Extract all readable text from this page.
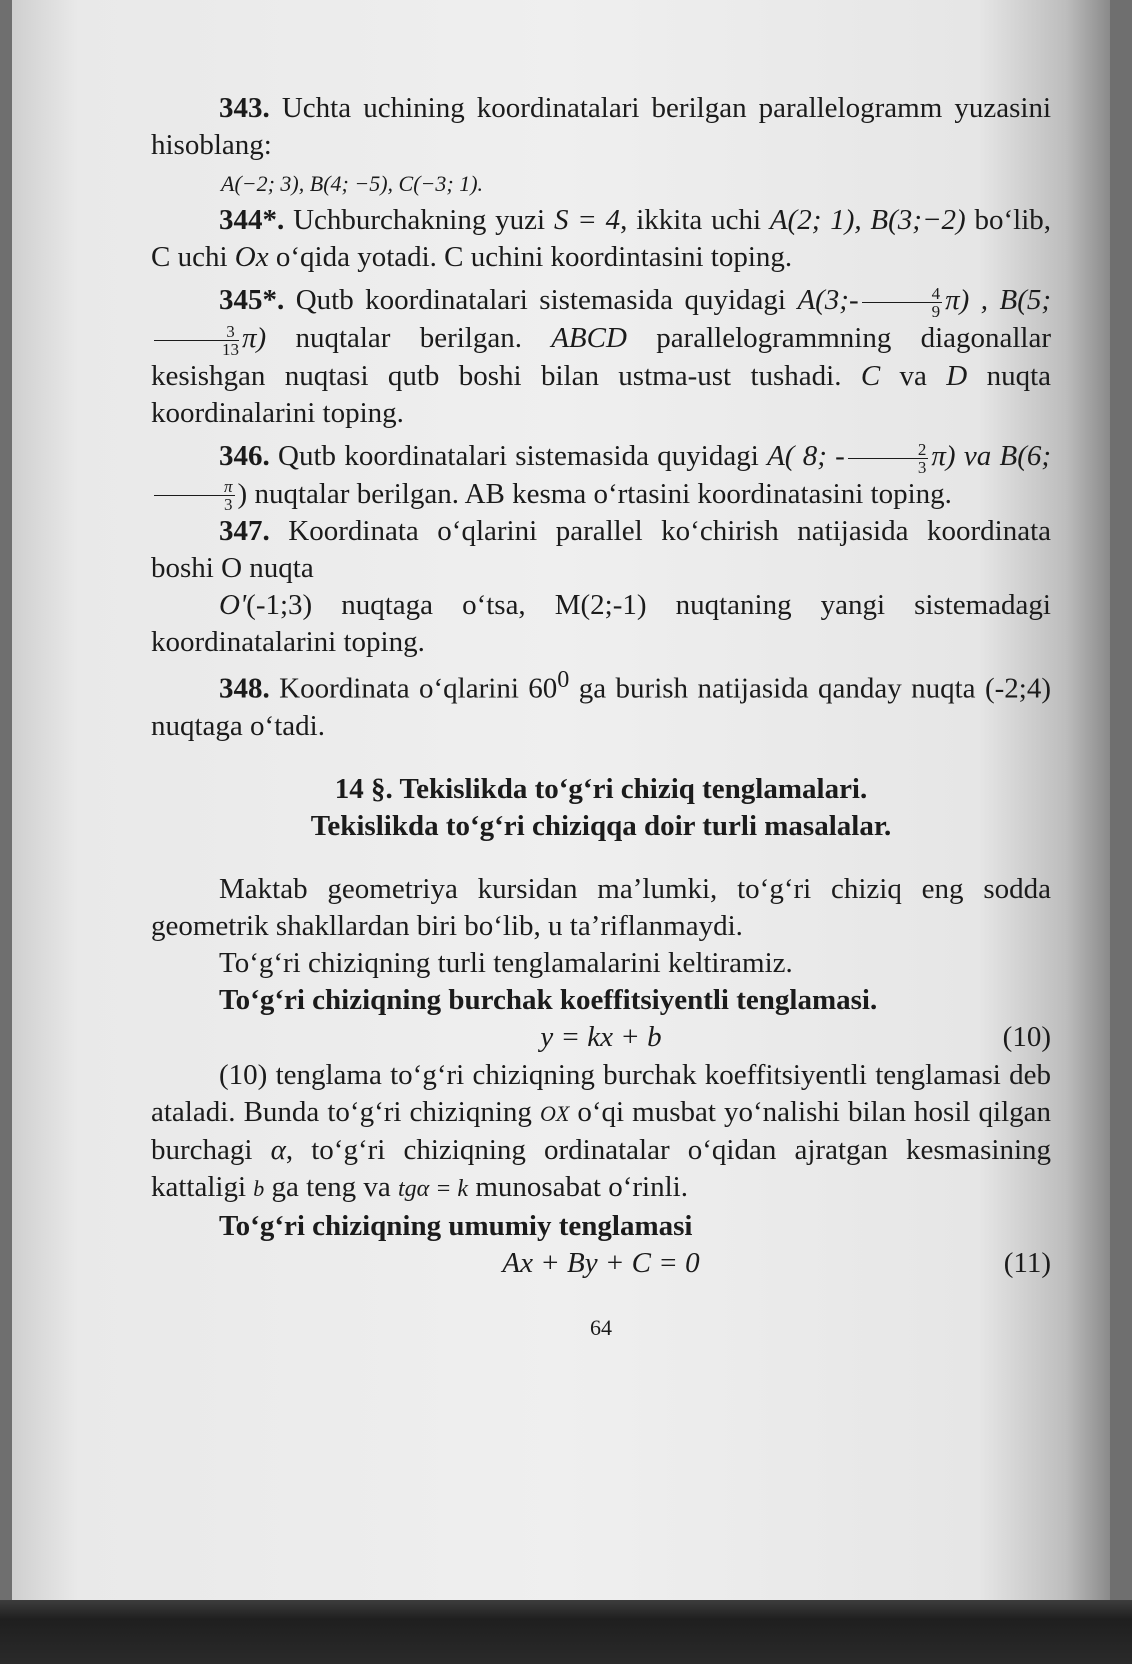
343. Uchta uchining koordinatalari berilgan parallelogramm yuzasini hisoblang:

A(−2; 3), B(4; −5), C(−3; 1).

344*. Uchburchakning yuzi S = 4, ikkita uchi A(2; 1), B(3;−2) bo‘lib, C uchi Ox o‘qida yotadi. C uchini koordintasini toping.

345*. Qutb koordinatalari sistemasida quyidagi A(3;- $\frac{4}{9} \pi$) , B(5;
$\frac{3}{13} \pi$) nuqtalar berilgan. ABCD parallelogrammning diagonallar kesishgan nuqtasi qutb boshi bilan ustma-ust tushadi. C va D nuqta koordinalarini toping.

346. Qutb koordinatalari sistemasida quyidagi A( 8; - $\frac{2}{3} \pi$) va B(6;
$\frac{\pi}{3}$ ) nuqtalar berilgan. AB kesma o‘rtasini koordinatasini toping.

347. Koordinata o‘qlarini parallel ko‘chirish natijasida koordinata boshi O nuqta

O'(-1;3) nuqtaga o‘tsa, M(2;-1) nuqtaning yangi sistemadagi koordinatalarini toping.

348. Koordinata o‘qlarini $60^0$ ga burish natijasida qanday nuqta (-2;4) nuqtaga o‘tadi.

14 §. Tekislikda to‘g‘ri chiziq tenglamalari.

Tekislikda to‘g‘ri chiziqqa doir turli masalalar.

Maktab geometriya kursidan ma’lumki, to‘g‘ri chiziq eng sodda geometrik shakllardan biri bo‘lib, u ta’riflanmaydi.

To‘g‘ri chiziqning turli tenglamalarini keltiramiz.

To‘g‘ri chiziqning burchak koeffitsiyentli tenglamasi.

y = kx + b	(10)

(10) tenglama to‘g‘ri chiziqning burchak koeffitsiyentli tenglamasi deb ataladi. Bunda to‘g‘ri chiziqning OX o‘qi musbat yo‘nalishi bilan hosil qilgan burchagi α, to‘g‘ri chiziqning ordinatalar o‘qidan ajratgan kesmasining kattaligi b ga teng va tgα = k munosabat o‘rinli.

To‘g‘ri chiziqning umumiy tenglamasi

Ax + By + C = 0	(11)
64
